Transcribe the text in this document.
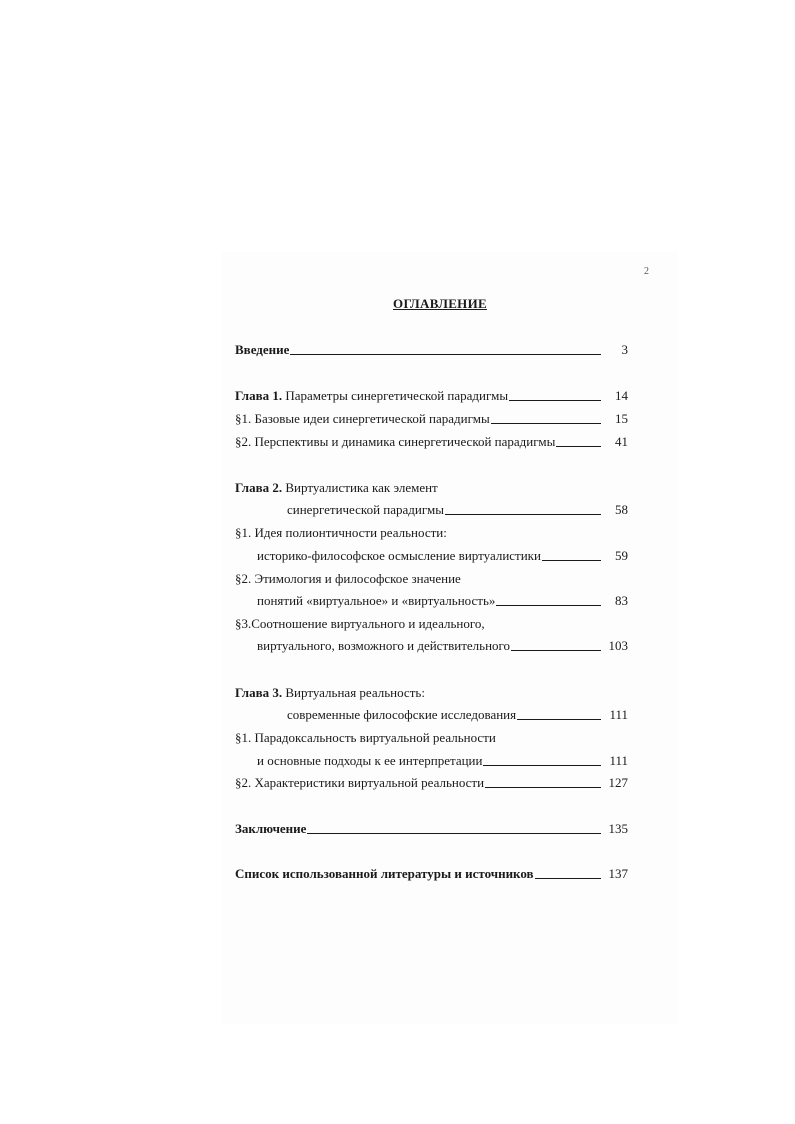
2
ОГЛАВЛЕНИЕ
Введение	3
Глава 1. Параметры синергетической парадигмы	14
§1. Базовые идеи синергетической парадигмы	15
§2. Перспективы и динамика синергетической парадигмы	41
Глава 2. Виртуалистика как элемент
синергетической парадигмы	58
§1. Идея полионтичности реальности:
историко-философское осмысление виртуалистики	59
§2. Этимология и философское значение
понятий «виртуальное» и «виртуальность»	83
§3.Соотношение виртуального и идеального,
виртуального, возможного и действительного	103
Глава 3. Виртуальная реальность:
современные философские исследования	111
§1. Парадоксальность виртуальной реальности
и основные подходы к ее интерпретации	111
§2. Характеристики виртуальной реальности	127
Заключение	135
Список использованной литературы и источников	137
